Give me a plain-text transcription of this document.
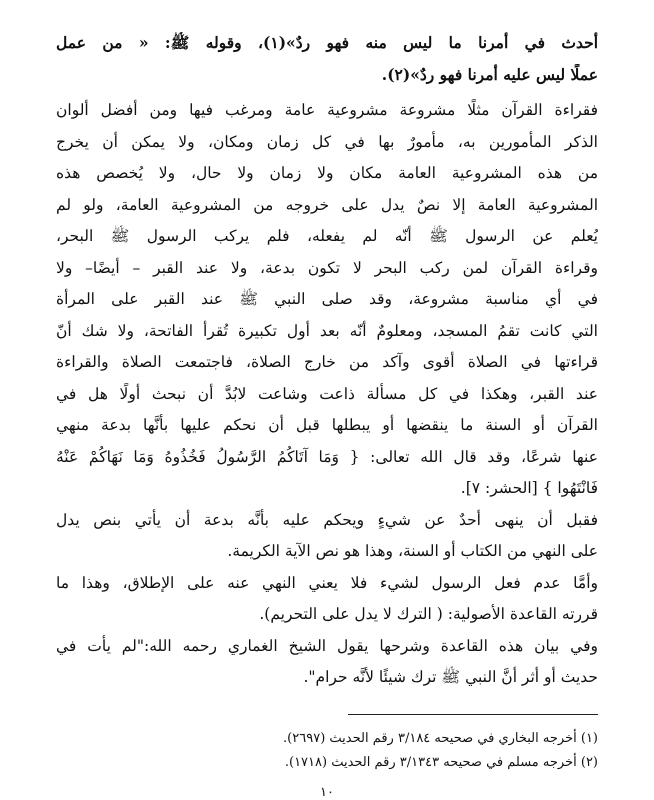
أحدث في أمرنا ما ليس منه فهو ردٌ»(١)، وقوله ﷺ: « من عمل
عملًا ليس عليه أمرنا فهو ردٌ»(٢).
فقراءة القرآن مثلًا مشروعة مشروعية عامة ومرغب فيها ومن أفضل ألوان
الذكر المأمورين به، مأمورٌ بها في كل زمان ومكان، ولا يمكن أن يخرج
من هذه المشروعية العامة مكان ولا زمان ولا حال، ولا يُخصص هذه
المشروعية العامة إلا نصٌ يدل على خروجه من المشروعية العامة، ولو لم
يُعلم عن الرسول ﷺ أنّه لم يفعله، فلم يركب الرسول ﷺ البحر،
وقراءة القرآن لمن ركب البحر لا تكون بدعة، ولا عند القبر – أيضًا– ولا
في أي مناسبة مشروعة، وقد صلى النبي ﷺ عند القبر على المرأة
التي كانت تقمُ المسجد، ومعلومٌ أنّه بعد أول تكبيرة تُقرأ الفاتحة، ولا شك أنّ
قراءتها في الصلاة أقوى وآكد من خارج الصلاة، فاجتمعت الصلاة والقراءة
عند القبر، وهكذا في كل مسألة ذاعت وشاعت لابُدَّ أن نبحث أولًا هل في
القرآن أو السنة ما ينقضها أو يبطلها قبل أن نحكم عليها بأنَّها بدعة منهي
عنها شرعًا، وقد قال الله تعالى: { وَمَا آتَاكُمُ الرَّسُولُ فَخُذُوهُ وَمَا نَهَاكُمْ عَنْهُ
فَانْتَهُوا } [الحشر: ٧].
فقبل أن ينهى أحدٌ عن شيءٍ ويحكم عليه بأنَّه بدعة أن يأتي بنص يدل
على النهي من الكتاب أو السنة، وهذا هو نص الآية الكريمة.
وأمَّا عدم فعل الرسول لشيء فلا يعني النهي عنه على الإطلاق، وهذا ما
قررته القاعدة الأصولية: ( الترك لا يدل على التحريم).
وفي بيان هذه القاعدة وشرحها يقول الشيخ الغماري رحمه الله:"لم يأت في
حديث أو أثر أنَّ النبي ﷺ ترك شيئًا لأنَّه حرام".
(١) أخرجه البخاري في صحيحه ٣/١٨٤ رقم الحديث (٢٦٩٧).
(٢) أخرجه مسلم في صحيحه ٣/١٣٤٣ رقم الحديث (١٧١٨).
١٠
